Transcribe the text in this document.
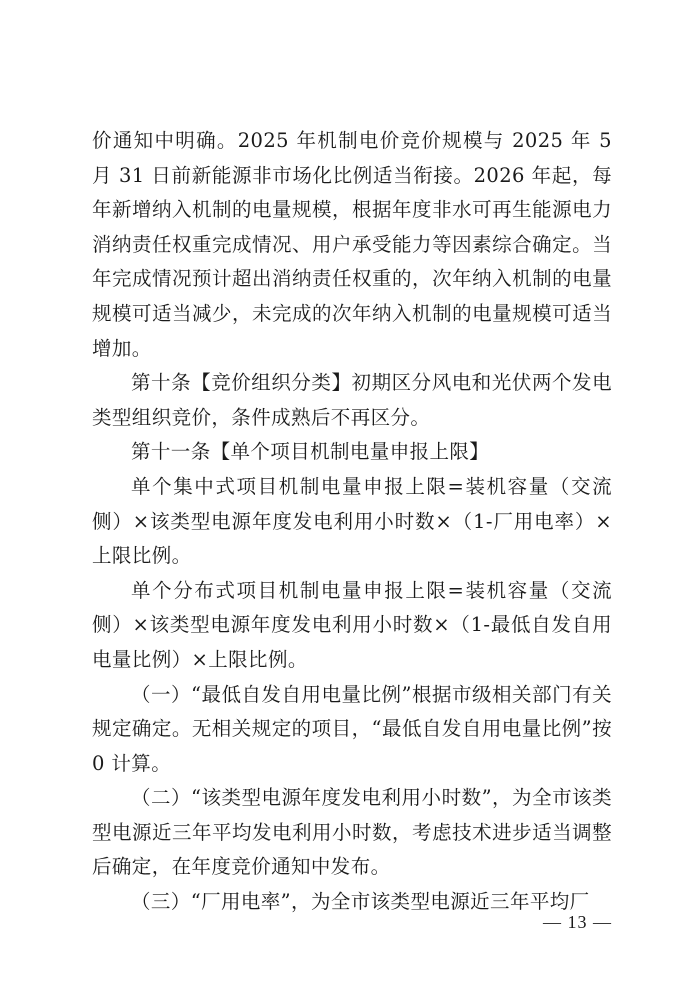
价通知中明确。2025 年机制电价竞价规模与 2025 年 5 月 31 日前新能源非市场化比例适当衔接。2026 年起，每年新增纳入机制的电量规模，根据年度非水可再生能源电力消纳责任权重完成情况、用户承受能力等因素综合确定。当年完成情况预计超出消纳责任权重的，次年纳入机制的电量规模可适当减少，未完成的次年纳入机制的电量规模可适当增加。

第十条【竞价组织分类】初期区分风电和光伏两个发电类型组织竞价，条件成熟后不再区分。

第十一条【单个项目机制电量申报上限】

单个集中式项目机制电量申报上限=装机容量（交流侧）×该类型电源年度发电利用小时数×（1-厂用电率）×上限比例。

单个分布式项目机制电量申报上限=装机容量（交流侧）×该类型电源年度发电利用小时数×（1-最低自发自用电量比例）×上限比例。

（一）“最低自发自用电量比例”根据市级相关部门有关规定确定。无相关规定的项目，“最低自发自用电量比例”按 0 计算。

（二）“该类型电源年度发电利用小时数”，为全市该类型电源近三年平均发电利用小时数，考虑技术进步适当调整后确定，在年度竞价通知中发布。

（三）“厂用电率”，为全市该类型电源近三年平均厂

— 13 —
